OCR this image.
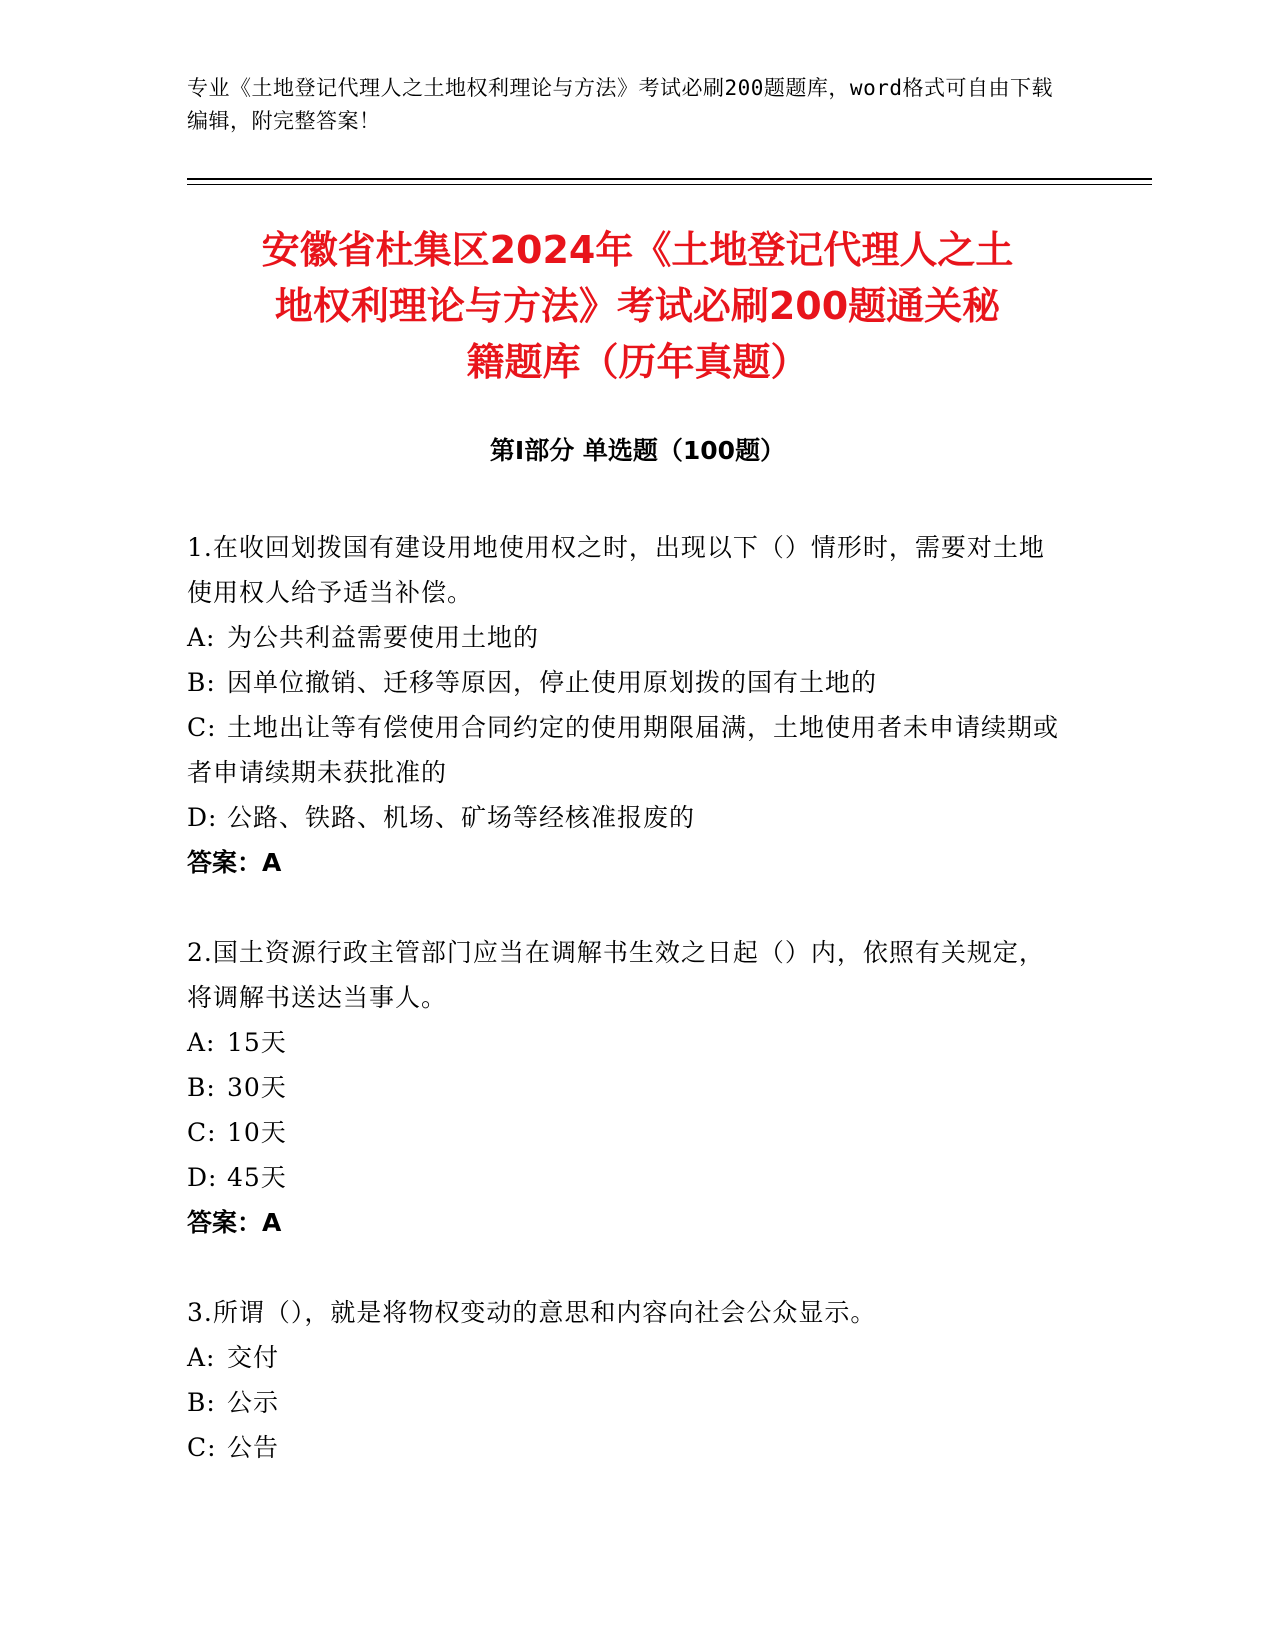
专业《土地登记代理人之土地权利理论与方法》考试必刷200题题库，word格式可自由下载编辑，附完整答案！
安徽省杜集区2024年《土地登记代理人之土
地权利理论与方法》考试必刷200题通关秘
籍题库（历年真题）
第I部分 单选题（100题）

1.在收回划拨国有建设用地使用权之时，出现以下（）情形时，需要对土地使用权人给予适当补偿。

A: 为公共利益需要使用土地的

B: 因单位撤销、迁移等原因，停止使用原划拨的国有土地的

C: 土地出让等有偿使用合同约定的使用期限届满，土地使用者未申请续期或者申请续期未获批准的

D: 公路、铁路、机场、矿场等经核准报废的

答案：A

2.国土资源行政主管部门应当在调解书生效之日起（）内，依照有关规定，将调解书送达当事人。

A: 15天

B: 30天

C: 10天

D: 45天

答案：A

3.所谓（），就是将物权变动的意思和内容向社会公众显示。

A: 交付

B: 公示

C: 公告
